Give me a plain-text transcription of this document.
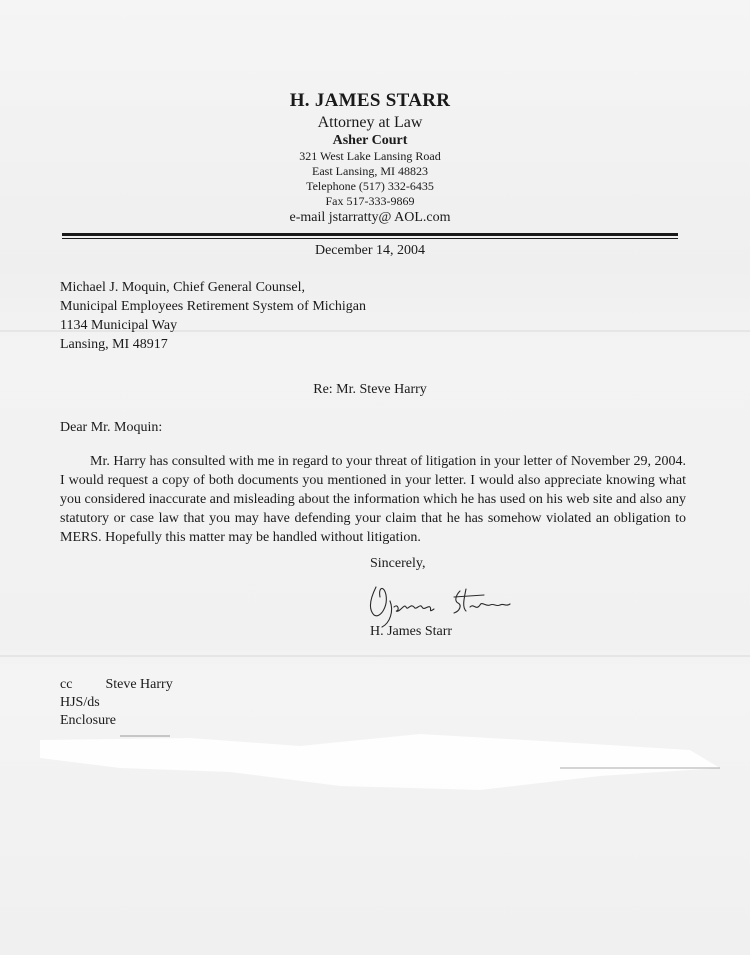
H. JAMES STARR
Attorney at Law
Asher Court
321 West Lake Lansing Road
East Lansing, MI 48823
Telephone (517) 332-6435
Fax 517-333-9869
e-mail jstarratty@ AOL.com
December 14, 2004
Michael J. Moquin, Chief General Counsel,
Municipal Employees Retirement System of Michigan
1134 Municipal Way
Lansing, MI 48917
Re: Mr. Steve Harry
Dear Mr. Moquin:
Mr. Harry has consulted with me in regard to your threat of litigation in your letter of November 29, 2004. I would request a copy of both documents you mentioned in your letter. I would also appreciate knowing what you considered inaccurate and misleading about the information which he has used on his web site and also any statutory or case law that you may have defending your claim that he has somehow violated an obligation to MERS. Hopefully this matter may be handled without litigation.
Sincerely,
H. James Starr
cc Steve Harry
HJS/ds
Enclosure
